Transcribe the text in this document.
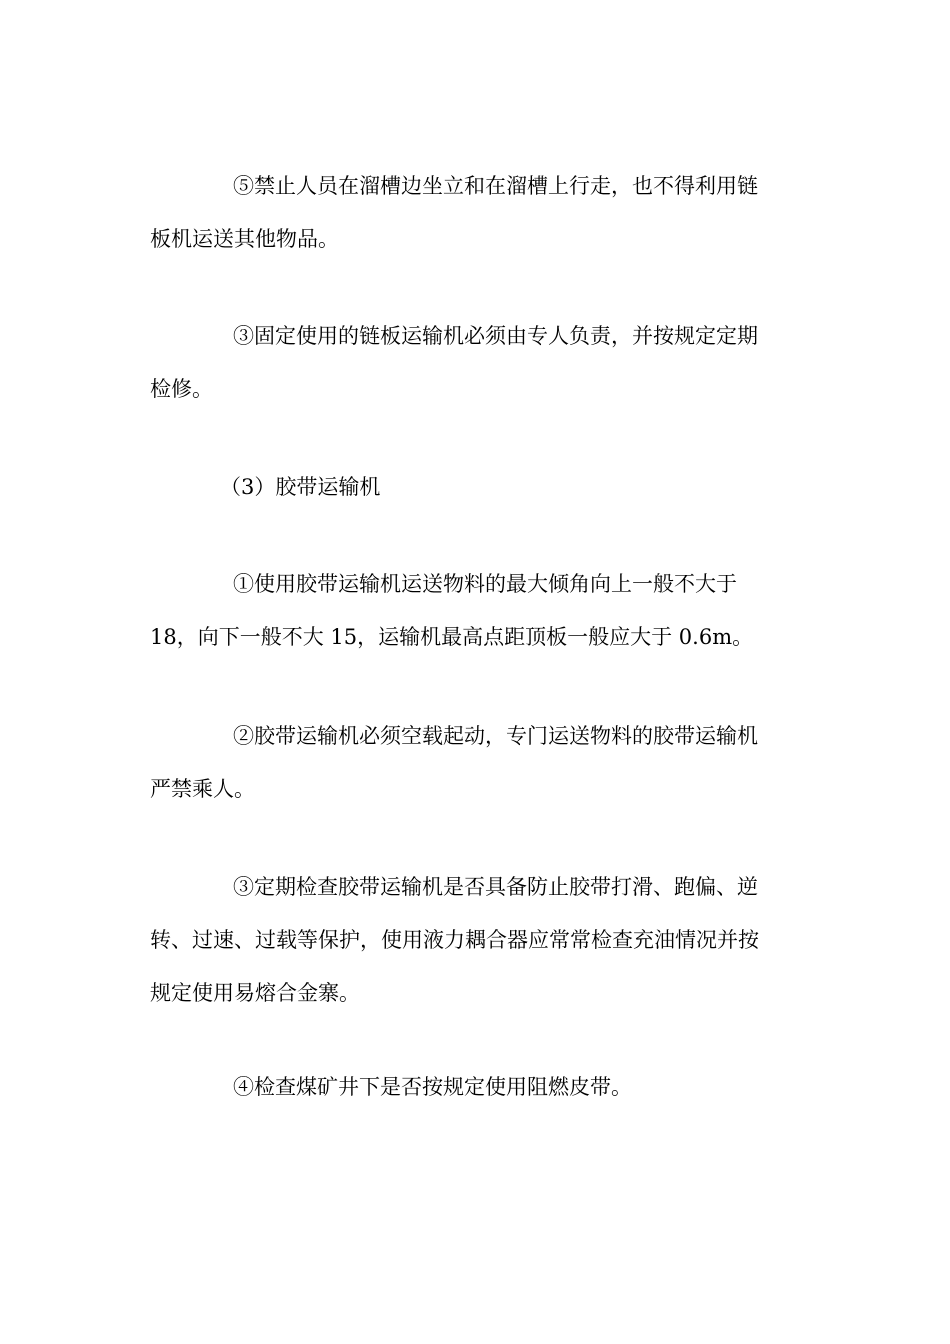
⑤禁止人员在溜槽边坐立和在溜槽上行走，也不得利用链
板机运送其他物品。

③固定使用的链板运输机必须由专人负责，并按规定定期
检修。

（3）胶带运输机

①使用胶带运输机运送物料的最大倾角向上一般不大于
18，向下一般不大 15，运输机最高点距顶板一般应大于 0.6m。

②胶带运输机必须空载起动，专门运送物料的胶带运输机
严禁乘人。

③定期检查胶带运输机是否具备防止胶带打滑、跑偏、逆
转、过速、过载等保护，使用液力耦合器应常常检查充油情况并按
规定使用易熔合金寨。

④检查煤矿井下是否按规定使用阻燃皮带。
